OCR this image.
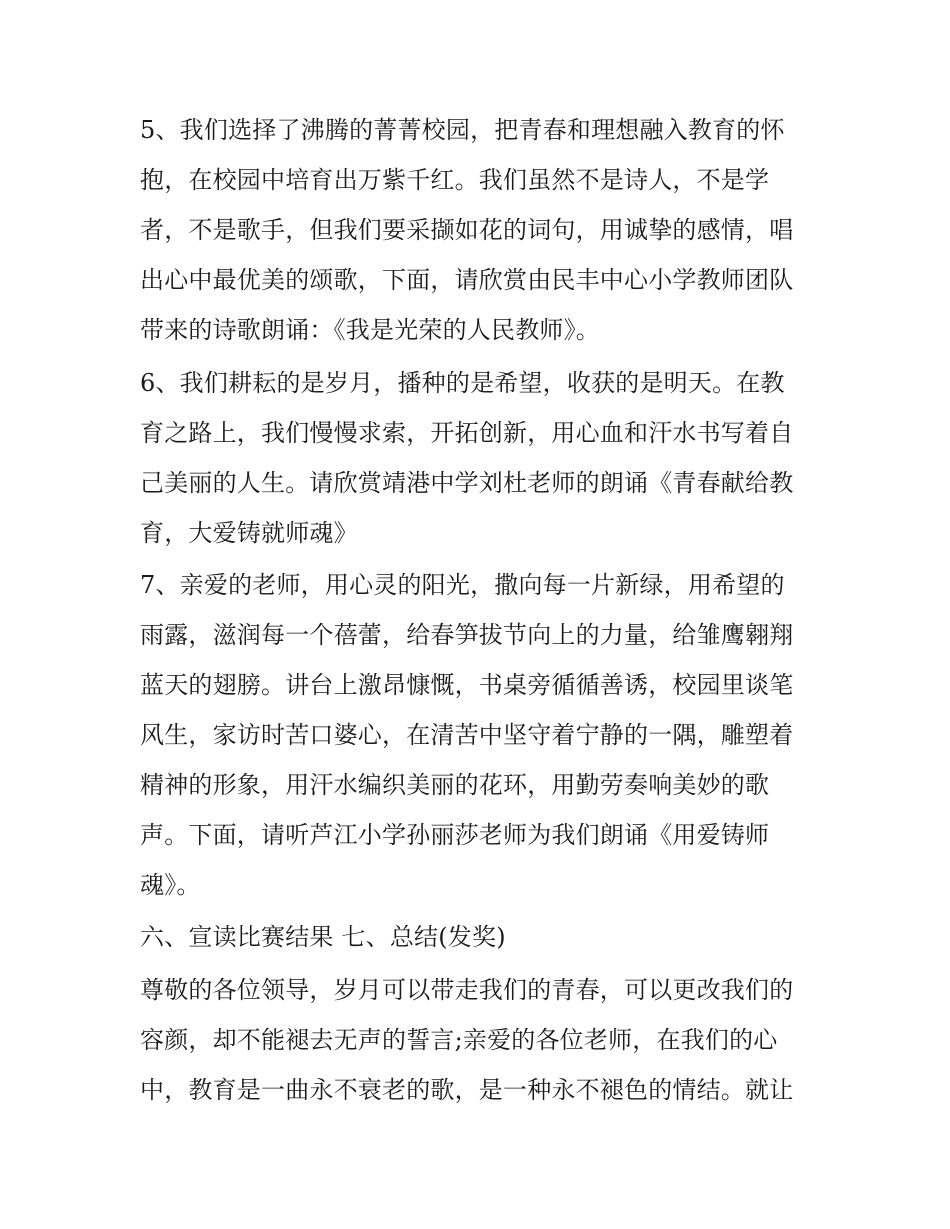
5、我们选择了沸腾的菁菁校园，把青春和理想融入教育的怀
抱，在校园中培育出万紫千红。我们虽然不是诗人，不是学
者，不是歌手，但我们要采撷如花的词句，用诚挚的感情，唱
出心中最优美的颂歌，下面，请欣赏由民丰中心小学教师团队
带来的诗歌朗诵：《我是光荣的人民教师》。
6、我们耕耘的是岁月，播种的是希望，收获的是明天。在教
育之路上，我们慢慢求索，开拓创新，用心血和汗水书写着自
己美丽的人生。请欣赏靖港中学刘杜老师的朗诵《青春献给教
育，大爱铸就师魂》
7、亲爱的老师，用心灵的阳光，撒向每一片新绿，用希望的
雨露，滋润每一个蓓蕾，给春笋拔节向上的力量，给雏鹰翱翔
蓝天的翅膀。讲台上激昂慷慨，书桌旁循循善诱，校园里谈笔
风生，家访时苦口婆心，在清苦中坚守着宁静的一隅，雕塑着
精神的形象，用汗水编织美丽的花环，用勤劳奏响美妙的歌
声。下面，请听芦江小学孙丽莎老师为我们朗诵《用爱铸师
魂》。
六、宣读比赛结果 七、总结(发奖)
尊敬的各位领导，岁月可以带走我们的青春，可以更改我们的
容颜，却不能褪去无声的誓言;亲爱的各位老师，在我们的心
中，教育是一曲永不衰老的歌，是一种永不褪色的情结。就让
